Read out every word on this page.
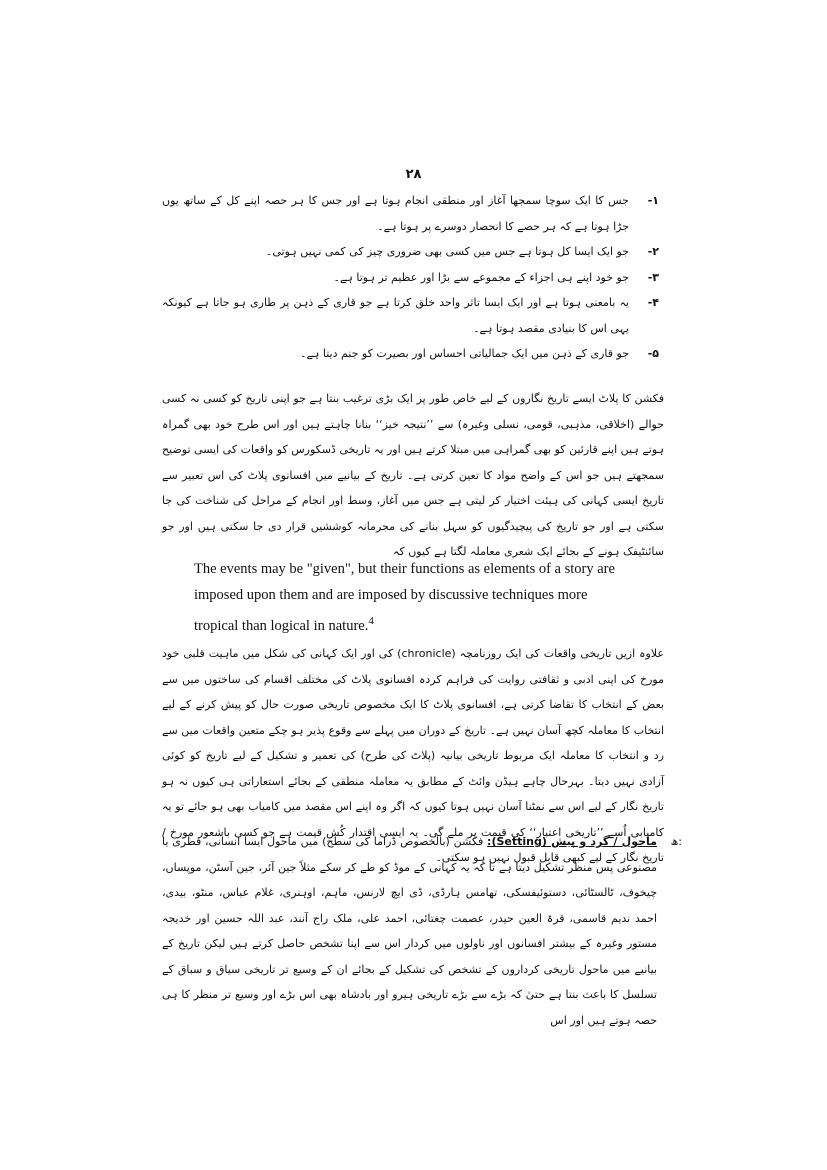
۲۸
۱-
جس کا ایک سوچا سمجھا آغاز اور منطقی انجام ہوتا ہے اور جس کا ہر حصہ اپنے کل کے ساتھ یوں جڑا ہوتا ہے کہ ہر حصے کا انحصار دوسرے پر ہوتا ہے۔
۲-
جو ایک ایسا کل ہوتا ہے جس میں کسی بھی ضروری چیز کی کمی نہیں ہوتی۔
۳-
جو خود اپنے ہی اجزاء کے مجموعے سے بڑا اور عظیم تر ہوتا ہے۔
۴-
یہ بامعنی ہوتا ہے اور ایک ایسا تاثر واحد خلق کرتا ہے جو قاری کے ذہن پر طاری ہو جاتا ہے کیونکہ یہی اس کا بنیادی مقصد ہوتا ہے۔
۵-
جو قاری کے ذہن میں ایک جمالیاتی احساس اور بصیرت کو جنم دیتا ہے۔

فکشن کا پلاٹ ایسے تاریخ نگاروں کے لیے خاص طور پر ایک بڑی ترغیب بنتا ہے جو اپنی تاریخ کو کسی نہ کسی حوالے (اخلاقی، مذہبی، قومی، نسلی وغیرہ) سے ’’نتیجہ خیز‘‘ بنانا چاہتے ہیں اور اس طرح خود بھی گمراہ ہوتے ہیں اپنے قارئین کو بھی گمراہی میں مبتلا کرتے ہیں اور یہ تاریخی ڈسکورس کو واقعات کی ایسی توضیح سمجھتے ہیں جو اس کے واضح مواد کا تعین کرتی ہے۔ تاریخ کے بیانیے میں افسانوی پلاٹ کی اس تعبیر سے تاریخ ایسی کہانی کی ہیئت اختیار کر لیتی ہے جس میں آغاز، وسط اور انجام کے مراحل کی شناخت کی جا سکتی ہے اور جو تاریخ کی پیچیدگیوں کو سہل بنانے کی مجرمانہ کوششیں قرار دی جا سکتی ہیں اور جو سائنٹیفک ہونے کے بجائے ایک شعری معاملہ لگتا ہے کیوں کہ

The events may be "given", but their functions as elements of a story are imposed upon them and are imposed by discussive techniques more tropical than logical in nature.$^4$

علاوہ ازیں تاریخی واقعات کی ایک روزنامچہ (chronicle) کی اور ایک کہانی کی شکل میں ماہیت قلبی خود مورخ کی اپنی ادبی و ثقافتی روایت کی فراہم کردہ افسانوی پلاٹ کی مختلف اقسام کی ساختوں میں سے بعض کے انتخاب کا تقاضا کرتی ہے، افسانوی پلاٹ کا ایک مخصوص تاریخی صورت حال کو پیش کرنے کے لیے انتخاب کا معاملہ کچھ آسان نہیں ہے۔ تاریخ کے دوران میں پہلے سے وقوع پذیر ہو چکے متعین واقعات میں سے رد و انتخاب کا معاملہ ایک مربوط تاریخی بیانیہ (پلاٹ کی طرح) کی تعمیر و تشکیل کے لیے تاریخ کو کوئی آزادی نہیں دیتا۔ بہرحال چاہے ہیڈن وائٹ کے مطابق یہ معاملہ منطقی کے بجائے استعاراتی ہی کیوں نہ ہو تاریخ نگار کے لیے اس سے نمٹنا آسان نہیں ہوتا کیوں کہ اگر وہ اپنے اس مقصد میں کامیاب بھی ہو جائے تو یہ کامیابی اُسے ’’تاریخی اعتبار‘‘ کی قیمت پر ملے گی۔ یہ ایسی اقتدار کُش قیمت ہے جو کسی باشعور مورخ / تاریخ نگار کے لیے کبھی قابل قبول نہیں ہو سکتی۔

ھ:

ماحول / گرد و پیش (Setting): فکشن (بالخصوص ڈراما کی سطح) میں ماحول ایسا انسانی، فطری یا مصنوعی پس منظر تشکیل دیتا ہے تا کہ یہ کہانی کے موڈ کو طے کر سکے مثلاً جین آئر، جین آسٹن، موپساں، چیخوف، ٹالسٹائی، دستوئیفسکی، تھامس ہارڈی، ڈی ایچ لارنس، ماہم، اوہنری، غلام عباس، منٹو، بیدی، احمد ندیم قاسمی، قرۃ العین حیدر، عصمت چغتائی، احمد علی، ملک راج آنند، عبد اللہ حسین اور خدیجہ مستور وغیرہ کے بیشتر افسانوں اور ناولوں میں کردار اس سے اپنا تشخص حاصل کرتے ہیں لیکن تاریخ کے بیانیے میں ماحول تاریخی کرداروں کے تشخص کی تشکیل کے بجائے ان کے وسیع تر تاریخی سیاق و سباق کے تسلسل کا باعث بنتا ہے حتیٰ کہ بڑے سے بڑے تاریخی ہیرو اور بادشاہ بھی اس بڑے اور وسیع تر منظر کا ہی حصہ ہوتے ہیں اور اس
